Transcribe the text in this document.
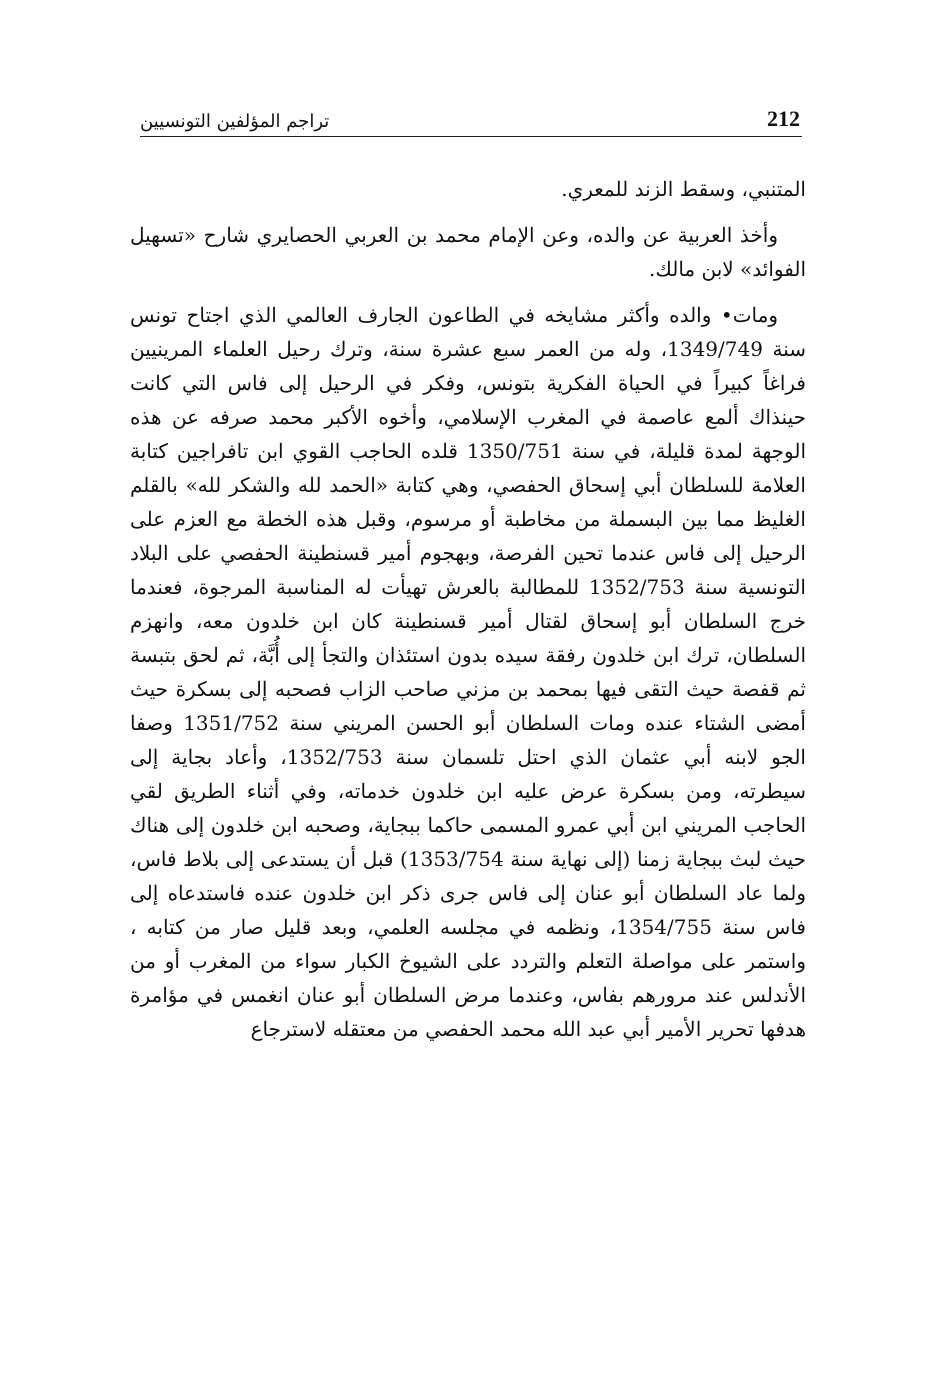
212
تراجم المؤلفين التونسيين

المتنبي، وسقط الزند للمعري.

وأخذ العربية عن والده، وعن الإمام محمد بن العربي الحصايري شارح «تسهيل الفوائد» لابن مالك.

ومات• والده وأكثر مشايخه في الطاعون الجارف العالمي الذي اجتاح تونس سنة 1349/749، وله من العمر سبع عشرة سنة، وترك رحيل العلماء المرينيين فراغاً كبيراً في الحياة الفكرية بتونس، وفكر في الرحيل إلى فاس التي كانت حينذاك ألمع عاصمة في المغرب الإسلامي، وأخوه الأكبر محمد صرفه عن هذه الوجهة لمدة قليلة، في سنة 1350/751 قلده الحاجب القوي ابن تافراجين كتابة العلامة للسلطان أبي إسحاق الحفصي، وهي كتابة «الحمد لله والشكر لله» بالقلم الغليظ مما بين البسملة من مخاطبة أو مرسوم، وقبل هذه الخطة مع العزم على الرحيل إلى فاس عندما تحين الفرصة، وبهجوم أمير قسنطينة الحفصي على البلاد التونسية سنة 1352/753 للمطالبة بالعرش تهيأت له المناسبة المرجوة، فعندما خرج السلطان أبو إسحاق لقتال أمير قسنطينة كان ابن خلدون معه، وانهزم السلطان، ترك ابن خلدون رفقة سيده بدون استئذان والتجأ إلى أُبَّة، ثم لحق بتبسة ثم قفصة حيث التقى فيها بمحمد بن مزني صاحب الزاب فصحبه إلى بسكرة حيث أمضى الشتاء عنده ومات السلطان أبو الحسن المريني سنة 1351/752 وصفا الجو لابنه أبي عثمان الذي احتل تلسمان سنة 1352/753، وأعاد بجاية إلى سيطرته، ومن بسكرة عرض عليه ابن خلدون خدماته، وفي أثناء الطريق لقي الحاجب المريني ابن أبي عمرو المسمى حاكما ببجاية، وصحبه ابن خلدون إلى هناك حيث لبث ببجاية زمنا (إلى نهاية سنة 1353/754) قبل أن يستدعى إلى بلاط فاس، ولما عاد السلطان أبو عنان إلى فاس جرى ذكر ابن خلدون عنده فاستدعاه إلى فاس سنة 1354/755، ونظمه في مجلسه العلمي، وبعد قليل صار من كتابه ، واستمر على مواصلة التعلم والتردد على الشيوخ الكبار سواء من المغرب أو من الأندلس عند مرورهم بفاس، وعندما مرض السلطان أبو عنان انغمس في مؤامرة هدفها تحرير الأمير أبي عبد الله محمد الحفصي من معتقله لاسترجاع
